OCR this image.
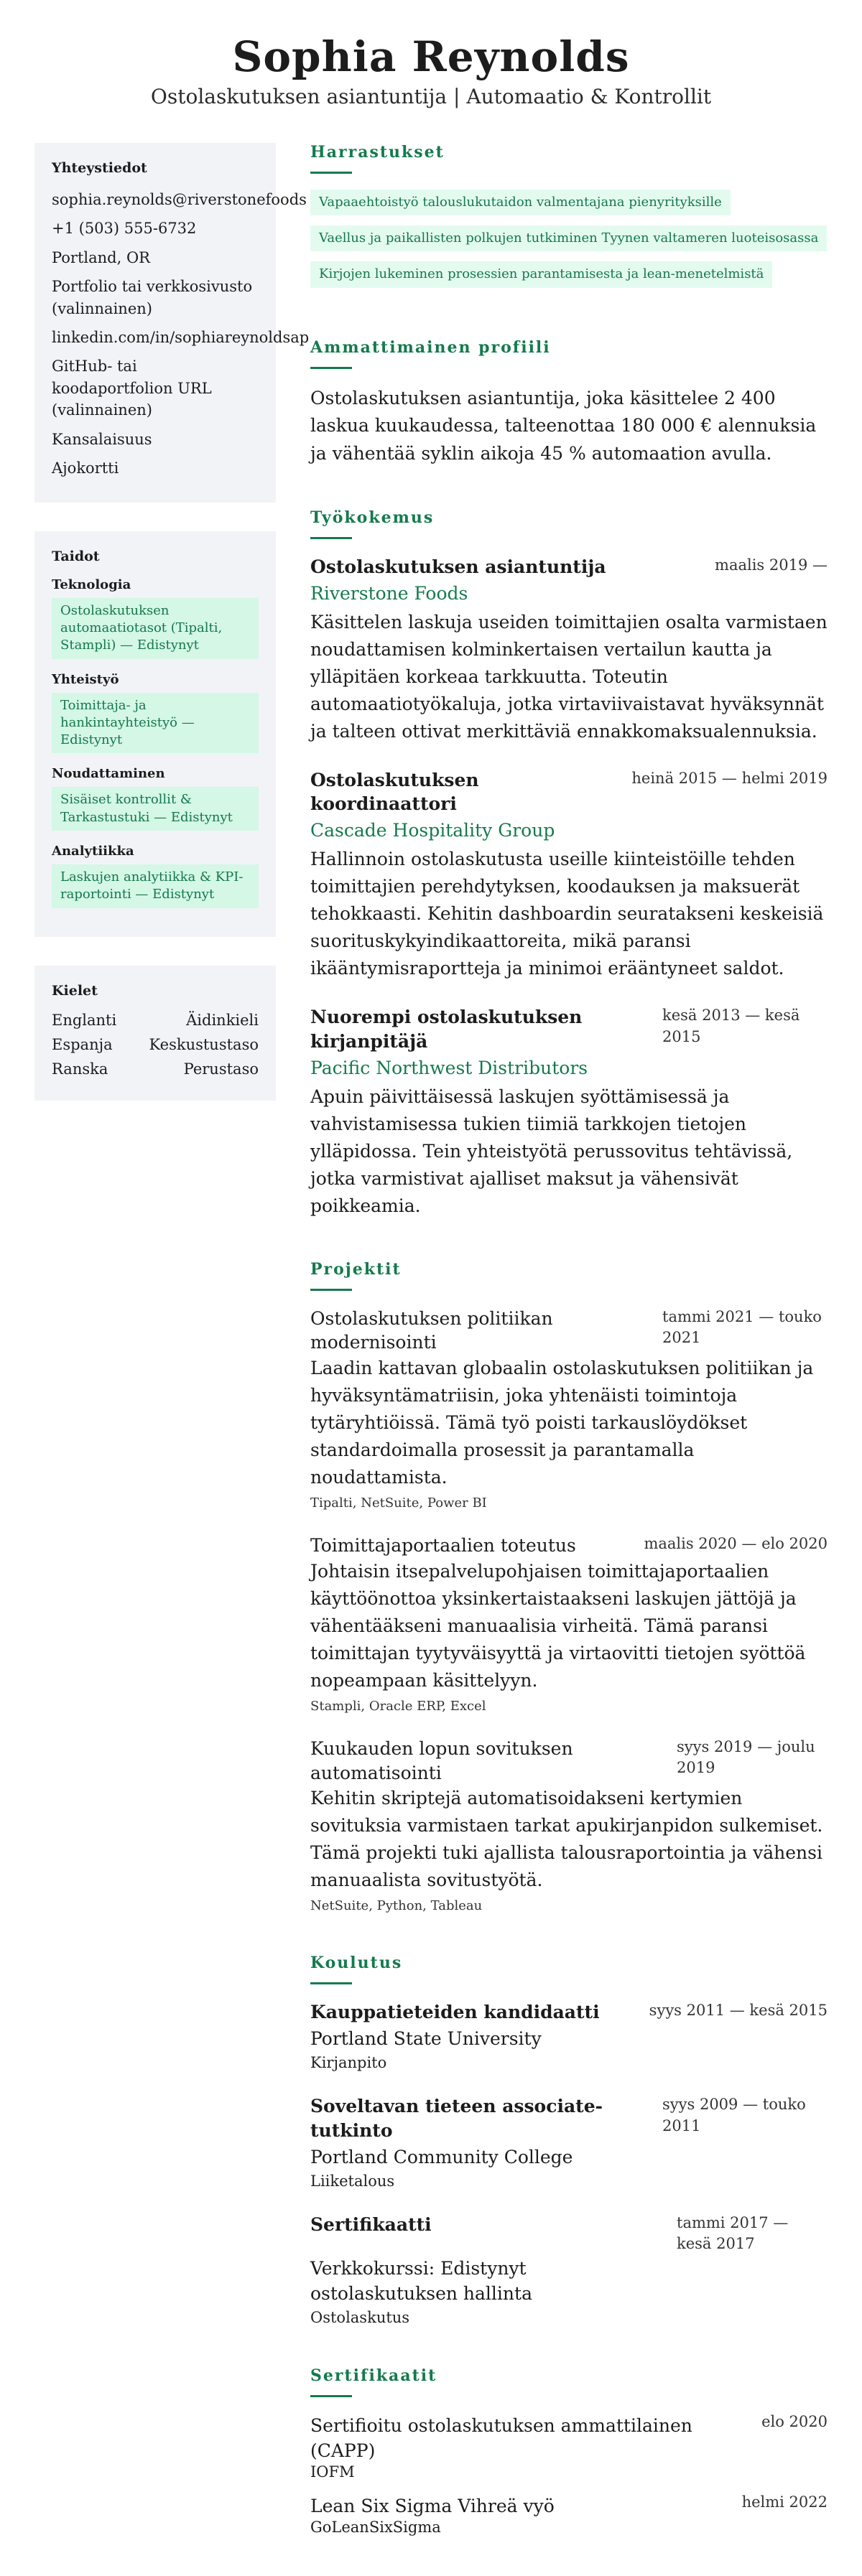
Sophia Reynolds

Ostolaskutuksen asiantuntija | Automaatio & Kontrollit

Yhteystiedot
sophia.reynolds@riverstonefoods
+1 (503) 555-6732
Portland, OR
Portfolio tai verkkosivusto (valinnainen)
linkedin.com/in/sophiareynoldsap
GitHub- tai koodaportfolion URL (valinnainen)
Kansalaisuus
Ajokortti
Taidot
Teknologia
Ostolaskutuksen automaatiotasot (Tipalti, Stampli) — Edistynyt
Yhteistyö
Toimittaja- ja hankintayhteistyö — Edistynyt
Noudattaminen
Sisäiset kontrollit & Tarkastustuki — Edistynyt
Analytiikka
Laskujen analytiikka & KPI-raportointi — Edistynyt
Kielet
Englanti	Äidinkieli
Espanja Keskustustaso
Ranska	Perustaso
Harrastukset
Vapaaehtoistyö talouslukutaidon valmentajana pienyrityksille
Vaellus ja paikallisten polkujen tutkiminen Tyynen valtameren luoteisosassa
Kirjojen lukeminen prosessien parantamisesta ja lean-menetelmistä
Ammattimainen profiili

Ostolaskutuksen asiantuntija, joka käsittelee 2 400 laskua kuukaudessa, talteenottaa 180 000 € alennuksia ja vähentää syklin aikoja 45 % automaation avulla.

Työkokemus
Ostolaskutuksen asiantuntija	maalis 2019 —
Riverstone Foods

Käsittelen laskuja useiden toimittajien osalta varmistaen noudattamisen kolminkertaisen vertailun kautta ja ylläpitäen korkeaa tarkkuutta. Toteutin automaatiotyökaluja, jotka virtaviivaistavat hyväksynnät ja talteen ottivat merkittäviä ennakkomaksualennuksia.

Ostolaskutuksen koordinaattori
heinä 2015 — helmi 2019
Cascade Hospitality Group

Hallinnoin ostolaskutusta useille kiinteistöille tehden toimittajien perehdytyksen, koodauksen ja maksuerät tehokkaasti. Kehitin dashboardin seuratakseni keskeisiä suorituskykyindikaattoreita, mikä paransi ikääntymisraportteja ja minimoi erääntyneet saldot.

Nuorempi ostolaskutuksen kirjanpitäjä
kesä 2013 — kesä 2015
Pacific Northwest Distributors

Apuin päivittäisessä laskujen syöttämisessä ja vahvistamisessa tukien tiimiä tarkkojen tietojen ylläpidossa. Tein yhteistyötä perussovitus tehtävissä, jotka varmistivat ajalliset maksut ja vähensivät poikkeamia.

Projektit
Ostolaskutuksen politiikan modernisointi
tammi 2021 — touko 2021

Laadin kattavan globaalin ostolaskutuksen politiikan ja hyväksyntämatriisin, joka yhtenäisti toimintoja tytäryhtiöissä. Tämä työ poisti tarkauslöydökset standardoimalla prosessit ja parantamalla noudattamista.

Tipalti, NetSuite, Power BI
Toimittajaportaalien toteutus	maalis 2020 — elo 2020

Johtaisin itsepalvelupohjaisen toimittajaportaalien käyttöönottoa yksinkertaistaakseni laskujen jättöjä ja vähentääkseni manuaalisia virheitä. Tämä paransi toimittajan tyytyväisyyttä ja virtaovitti tietojen syöttöä nopeampaan käsittelyyn.

Stampli, Oracle ERP, Excel
Kuukauden lopun sovituksen automatisointi
syys 2019 — joulu 2019

Kehitin skriptejä automatisoidakseni kertymien sovituksia varmistaen tarkat apukirjanpidon sulkemiset. Tämä projekti tuki ajallista talousraportointia ja vähensi manuaalista sovitustyötä.

NetSuite, Python, Tableau
Koulutus
Kauppatieteiden kandidaatti	syys 2011 — kesä 2015
Portland State University
Kirjanpito
Soveltavan tieteen associate-tutkinto
syys 2009 — touko 2011
Portland Community College
Liiketalous
Sertifikaatti	tammi 2017 — kesä 2017
Verkkokurssi: Edistynyt ostolaskutuksen hallinta
Ostolaskutus
Sertifikaatit
Sertifioitu ostolaskutuksen ammattilainen (CAPP)
elo 2020
IOFM
Lean Six Sigma Vihreä vyö	helmi 2022
GoLeanSixSigma
